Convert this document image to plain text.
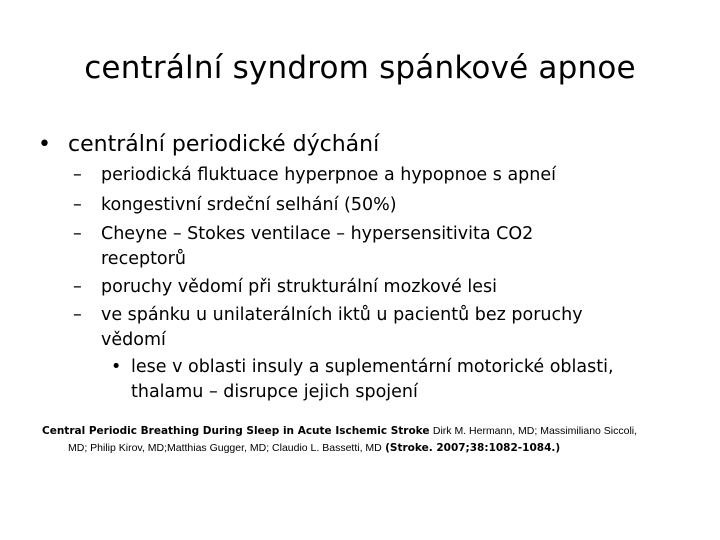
centrální syndrom spánkové apnoe
• centrální periodické dýchání
–	periodická fluktuace hyperpnoe a hypopnoe s apneí
–	kongestivní srdeční selhání (50%)
–	Cheyne – Stokes ventilace – hypersensitivita CO2
receptorů
–	poruchy vědomí při strukturální mozkové lesi
–	ve spánku u unilaterálních iktů u pacientů bez poruchy
vědomí
• lese v oblasti insuly a suplementární motorické oblasti,
thalamu – disrupce jejich spojení
Central Periodic Breathing During Sleep in Acute Ischemic Stroke Dirk M. Hermann, MD; Massimiliano Siccoli,
MD; Philip Kirov, MD;Matthias Gugger, MD; Claudio L. Bassetti, MD (Stroke. 2007;38:1082-1084.)
